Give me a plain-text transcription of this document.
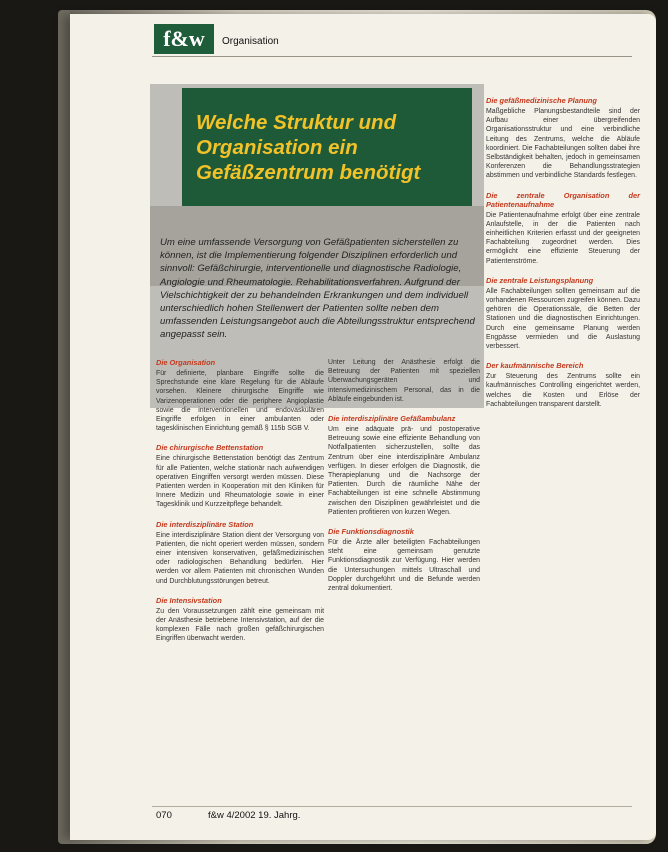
f&w	Organisation
Welche Struktur und
Organisation ein
Gefäßzentrum benötigt
Um eine umfassende Versorgung von Gefäßpatienten sicherstellen zu können, ist die Implementierung folgender Disziplinen erforderlich und sinnvoll: Gefäßchirurgie, interventionelle und diagnostische Radiologie, Angiologie und Rheumatologie. Rehabilitationsverfahren. Aufgrund der Vielschichtigkeit der zu behandelnden Erkrankungen und dem individuell unterschiedlich hohen Stellenwert der Patienten sollte neben dem umfassenden Leistungsangebot auch die Abteilungsstruktur entsprechend angepasst sein.
Die Organisation

Für definierte, planbare Eingriffe sollte die Sprechstunde eine klare Regelung für die Abläufe vorsehen. Kleinere chirurgische Eingriffe wie Varizenoperationen oder die periphere Angioplastie sowie die interventionellen und endovaskulären Eingriffe erfolgen in einer ambulanten oder tagesklinischen Einrichtung gemäß § 115b SGB V.

Die chirurgische Bettenstation

Eine chirurgische Bettenstation benötigt das Zentrum für alle Patienten, welche stationär nach aufwendigen operativen Eingriffen versorgt werden müssen. Diese Patienten werden in Kooperation mit den Kliniken für Innere Medizin und Rheumatologie sowie in einer Tagesklinik und Kurzzeitpflege behandelt.

Die interdisziplinäre Station

Eine interdisziplinäre Station dient der Versorgung von Patienten, die nicht operiert werden müssen, sondern einer intensiven konservativen, gefäßmedizinischen oder radiologischen Behandlung bedürfen. Hier werden vor allem Patienten mit chronischen Wunden und Durchblutungsstörungen betreut.

Die Intensivstation

Zu den Voraussetzungen zählt eine gemeinsam mit der Anästhesie betriebene Intensivstation, auf der die komplexen Fälle nach großen gefäßchirurgischen Eingriffen überwacht werden.

Unter Leitung der Anästhesie erfolgt die Betreuung der Patienten mit speziellen Überwachungsgeräten und intensivmedizinischem Personal, das in die Abläufe eingebunden ist.

Die interdisziplinäre Gefäßambulanz

Um eine adäquate prä- und postoperative Betreuung sowie eine effiziente Behandlung von Notfallpatienten sicherzustellen, sollte das Zentrum über eine interdisziplinäre Ambulanz verfügen. In dieser erfolgen die Diagnostik, die Therapieplanung und die Nachsorge der Patienten. Durch die räumliche Nähe der Fachabteilungen ist eine schnelle Abstimmung zwischen den Disziplinen gewährleistet und die Patienten profitieren von kurzen Wegen.

Die Funktionsdiagnostik

Für die Ärzte aller beteiligten Fachabteilungen steht eine gemeinsam genutzte Funktionsdiagnostik zur Verfügung. Hier werden die Untersuchungen mittels Ultraschall und Doppler durchgeführt und die Befunde werden zentral dokumentiert.

Die gefäßmedizinische Planung

Maßgebliche Planungsbestandteile sind der Aufbau einer übergreifenden Organisationsstruktur und eine verbindliche Leitung des Zentrums, welche die Abläufe koordiniert. Die Fachabteilungen sollten dabei ihre Selbständigkeit behalten, jedoch in gemeinsamen Konferenzen die Behandlungsstrategien abstimmen und verbindliche Standards festlegen.

Die zentrale Organisation der Patientenaufnahme

Die Patientenaufnahme erfolgt über eine zentrale Anlaufstelle, in der die Patienten nach einheitlichen Kriterien erfasst und der geeigneten Fachabteilung zugeordnet werden. Dies ermöglicht eine effiziente Steuerung der Patientenströme.

Die zentrale Leistungsplanung

Alle Fachabteilungen sollten gemeinsam auf die vorhandenen Ressourcen zugreifen können. Dazu gehören die Operationssäle, die Betten der Stationen und die diagnostischen Einrichtungen. Durch eine gemeinsame Planung werden Engpässe vermieden und die Auslastung verbessert.

Der kaufmännische Bereich

Zur Steuerung des Zentrums sollte ein kaufmännisches Controlling eingerichtet werden, welches die Kosten und Erlöse der Fachabteilungen transparent darstellt.

070	f&w 4/2002 19. Jahrg.
